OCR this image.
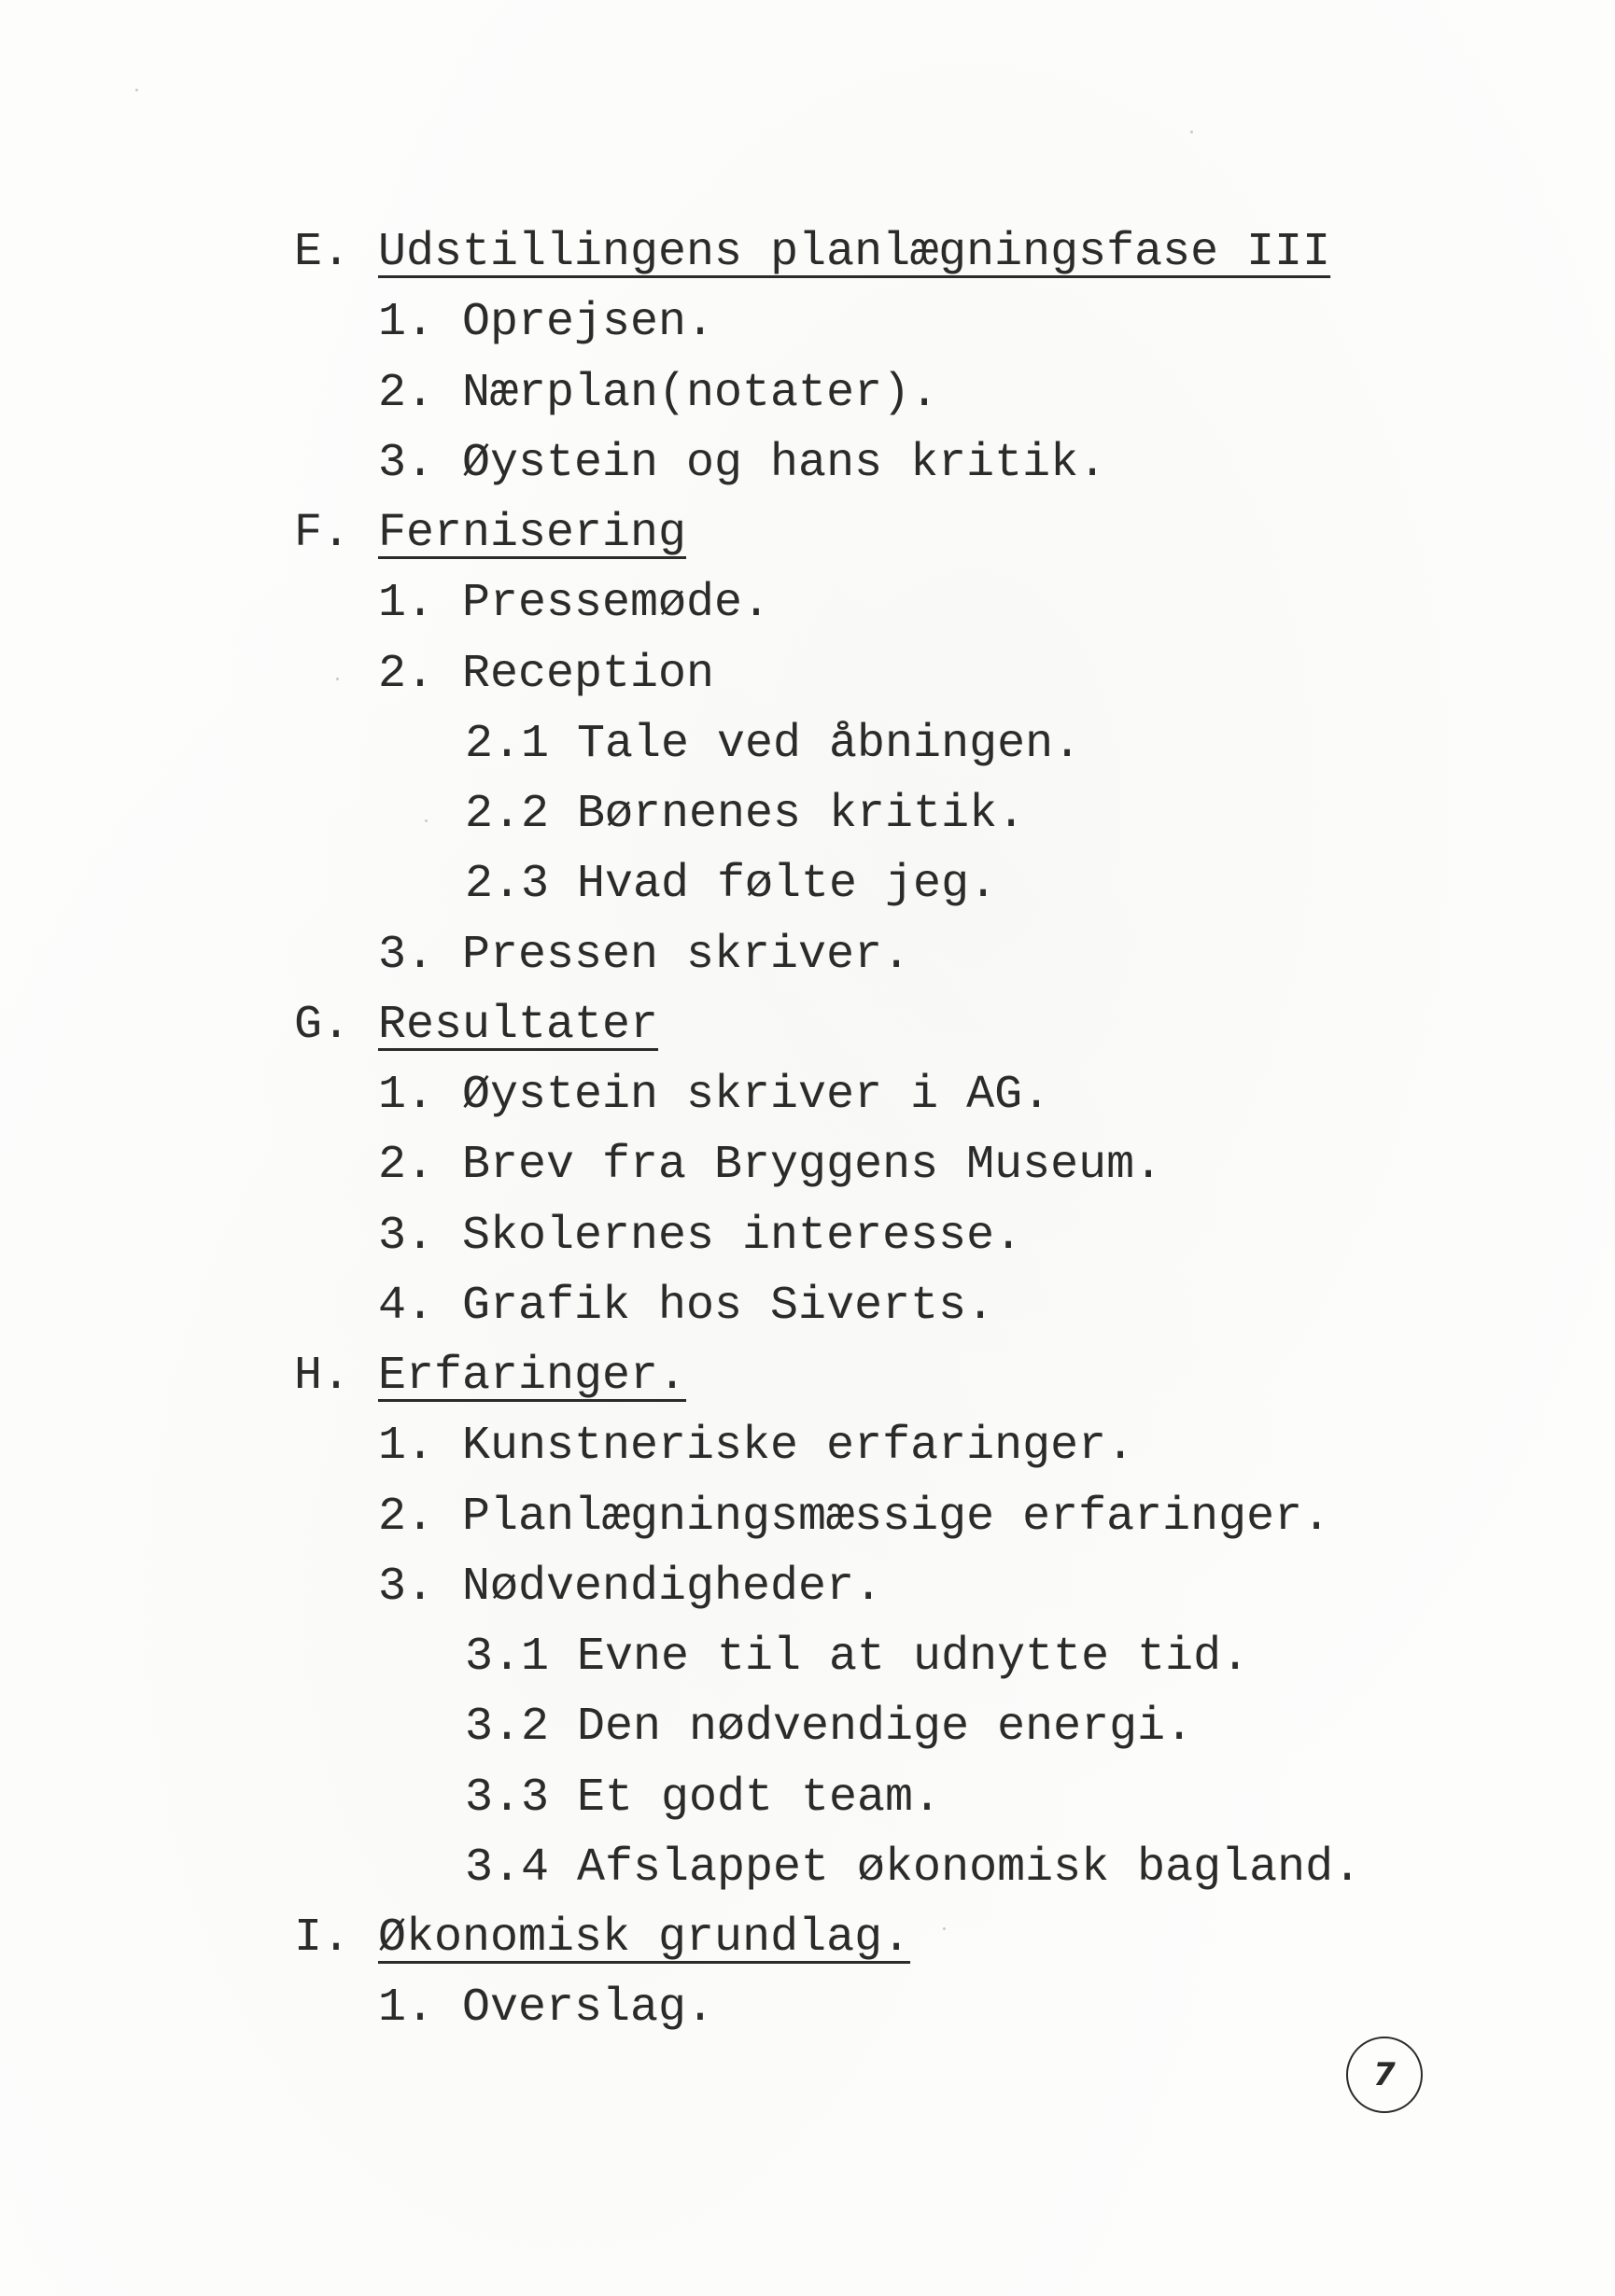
E.

Udstillingens planlægningsfase III

1.

Oprejsen.

2.

Nærplan(notater).

3.

Øystein og hans kritik.

F.

Fernisering

1.

Pressemøde.

2.

Reception

2.1

Tale ved åbningen.

2.2

Børnenes kritik.

2.3

Hvad følte jeg.

3.

Pressen skriver.

G.

Resultater

1.

Øystein skriver i AG.

2.

Brev fra Bryggens Museum.

3.

Skolernes interesse.

4.

Grafik hos Siverts.

H.

Erfaringer.

1.

Kunstneriske erfaringer.

2.

Planlægningsmæssige erfaringer.

3.

Nødvendigheder.

3.1

Evne til at udnytte tid.

3.2

Den nødvendige energi.

3.3

Et godt team.

3.4

Afslappet økonomisk bagland.

I.

Økonomisk grundlag.

1.

Overslag.

7
